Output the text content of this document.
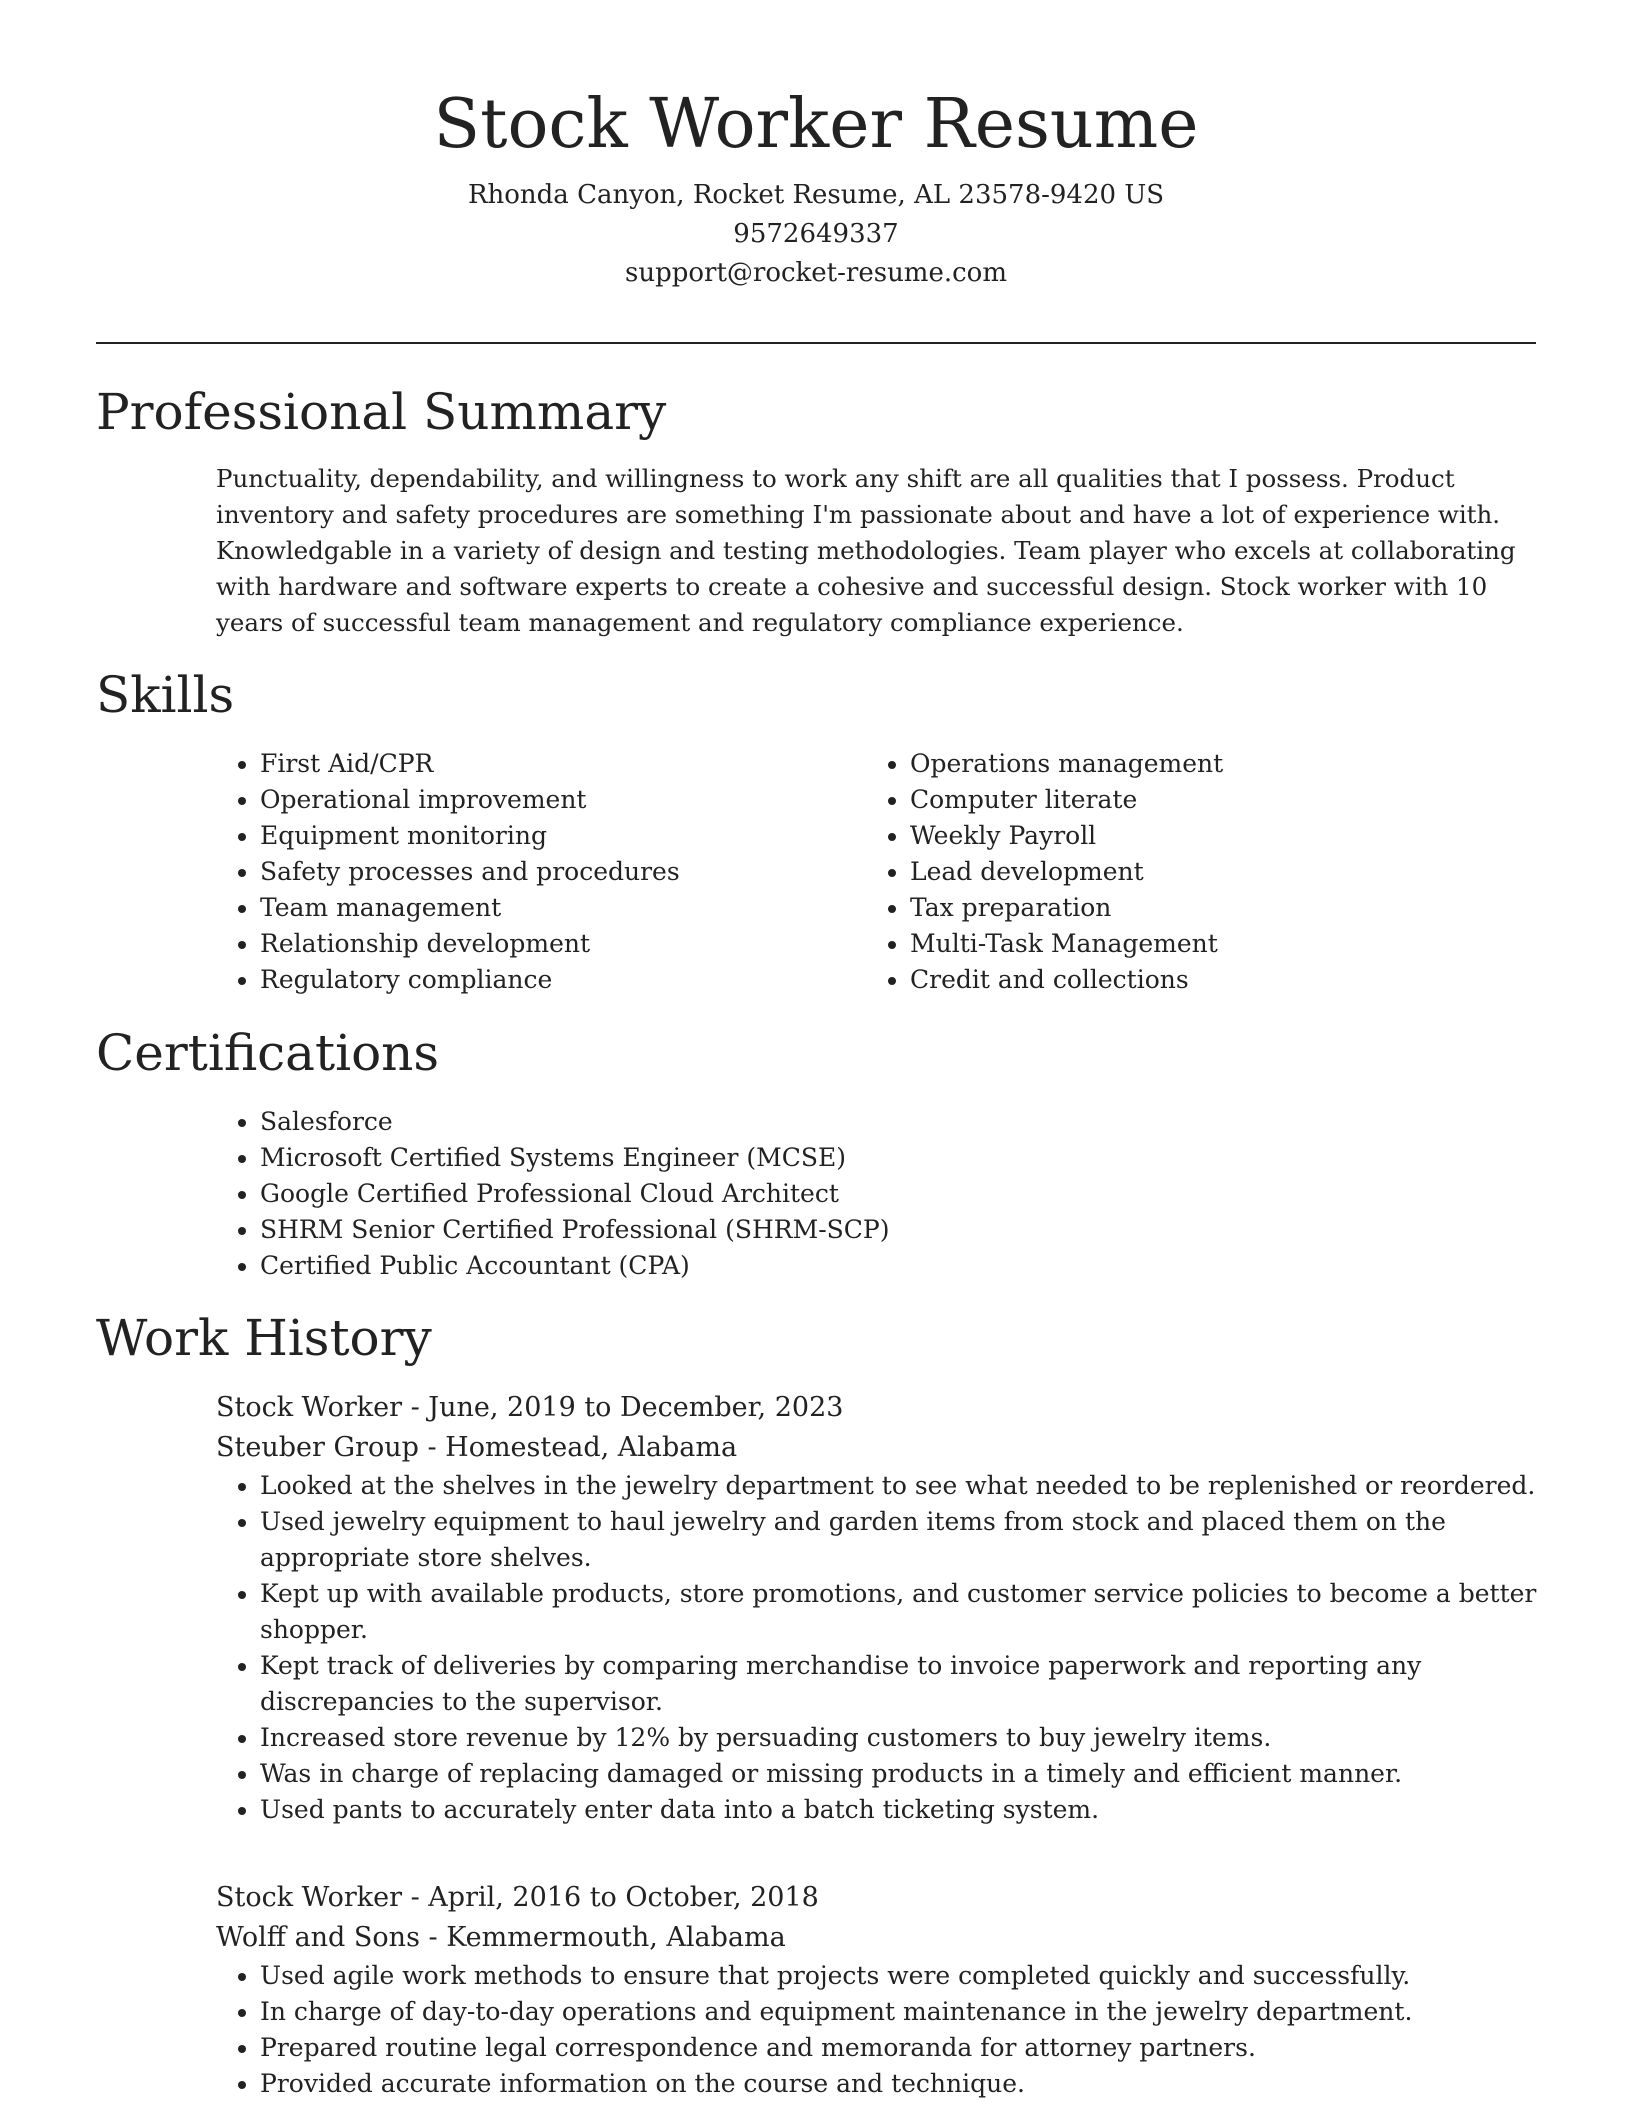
Stock Worker Resume
Rhonda Canyon, Rocket Resume, AL 23578-9420 US
9572649337
support@rocket-resume.com
Professional Summary

Punctuality, dependability, and willingness to work any shift are all qualities that I possess. Product inventory and safety procedures are something I'm passionate about and have a lot of experience with. Knowledgable in a variety of design and testing methodologies. Team player who excels at collaborating with hardware and software experts to create a cohesive and successful design. Stock worker with 10 years of successful team management and regulatory compliance experience.

Skills
• First Aid/CPR
• Operational improvement
• Equipment monitoring
• Safety processes and procedures
• Team management
• Relationship development
• Regulatory compliance
• Operations management
• Computer literate
• Weekly Payroll
• Lead development
• Tax preparation
• Multi-Task Management
• Credit and collections
Certifications
• Salesforce
• Microsoft Certified Systems Engineer (MCSE)
• Google Certified Professional Cloud Architect
• SHRM Senior Certified Professional (SHRM-SCP)
• Certified Public Accountant (CPA)
Work History
Stock Worker - June, 2019 to December, 2023
Steuber Group - Homestead, Alabama
• Looked at the shelves in the jewelry department to see what needed to be replenished or reordered.
• Used jewelry equipment to haul jewelry and garden items from stock and placed them on the appropriate store shelves.
• Kept up with available products, store promotions, and customer service policies to become a better shopper.
• Kept track of deliveries by comparing merchandise to invoice paperwork and reporting any discrepancies to the supervisor.
• Increased store revenue by 12% by persuading customers to buy jewelry items.
• Was in charge of replacing damaged or missing products in a timely and efficient manner.
• Used pants to accurately enter data into a batch ticketing system.
Stock Worker - April, 2016 to October, 2018
Wolff and Sons - Kemmermouth, Alabama
• Used agile work methods to ensure that projects were completed quickly and successfully.
• In charge of day-to-day operations and equipment maintenance in the jewelry department.
• Prepared routine legal correspondence and memoranda for attorney partners.
• Provided accurate information on the course and technique.
